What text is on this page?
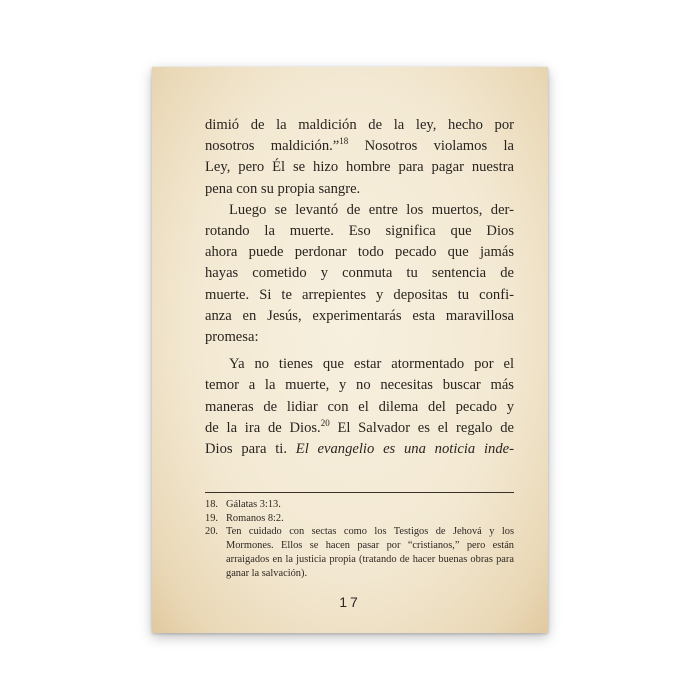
dimió de la maldición de la ley, hecho por
nosotros maldición.”$^{18}$ Nosotros violamos la
Ley, pero Él se hizo hombre para pagar nuestra
pena con su propia sangre.
Luego se levantó de entre los muertos, der-
rotando la muerte. Eso significa que Dios
ahora puede perdonar todo pecado que jamás
hayas cometido y conmuta tu sentencia de
muerte. Si te arrepientes y depositas tu confi-
anza en Jesús, experimentarás esta maravillosa
promesa:
Ya no tienes que estar atormentado por el
temor a la muerte, y no necesitas buscar más
maneras de lidiar con el dilema del pecado y
de la ira de Dios.$^{20}$ El Salvador es el regalo de
Dios para ti. El evangelio es una noticia inde-
18. Gálatas 3:13.
19. Romanos 8:2.
20. Ten cuidado con sectas como los Testigos de Jehová y los Mormones. Ellos se hacen pasar por “cristianos,” pero están arraigados en la justicia propia (tratando de hacer buenas obras para ganar la salvación).
17
